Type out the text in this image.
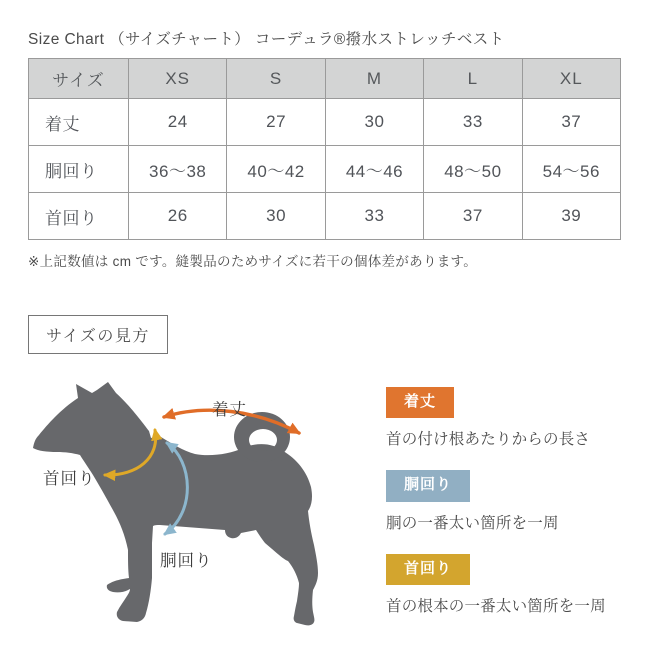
Size Chart （サイズチャート） コーデュラ®撥水ストレッチベスト
サイズ	XS	S	M	L	XL
着丈	24	27	30	33	37
胴回り	36〜38	40〜42	44〜46	48〜50	54〜56
首回り	26	30	33	37	39
※上記数値は cm です。縫製品のためサイズに若干の個体差があります。
サイズの見方
着丈
首回り
胴回り
着丈
首の付け根あたりからの長さ
胴回り
胴の一番太い箇所を一周
首回り
首の根本の一番太い箇所を一周
